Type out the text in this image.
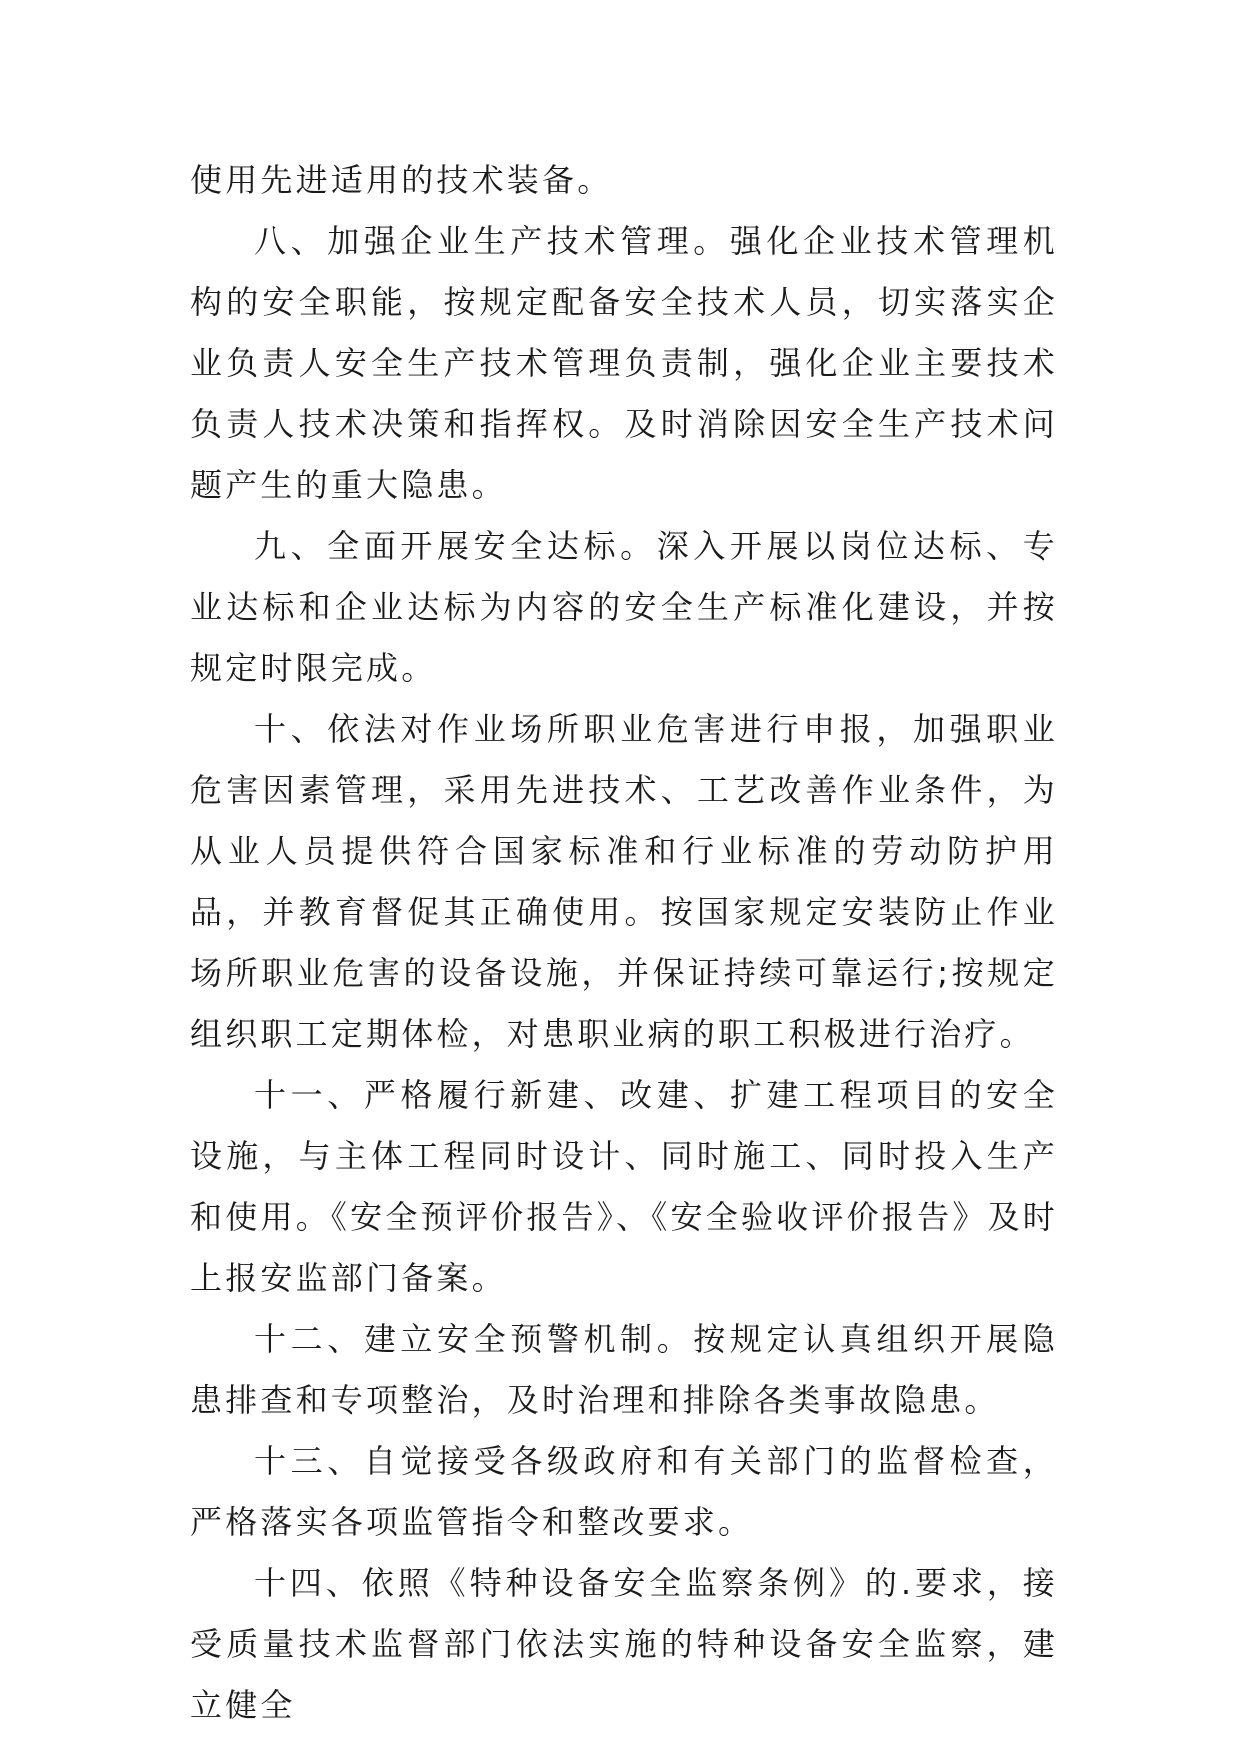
使用先进适用的技术装备。

八、加强企业生产技术管理。强化企业技术管理机构的安全职能，按规定配备安全技术人员，切实落实企业负责人安全生产技术管理负责制，强化企业主要技术负责人技术决策和指挥权。及时消除因安全生产技术问题产生的重大隐患。

九、全面开展安全达标。深入开展以岗位达标、专业达标和企业达标为内容的安全生产标准化建设，并按规定时限完成。

十、依法对作业场所职业危害进行申报，加强职业危害因素管理，采用先进技术、工艺改善作业条件，为从业人员提供符合国家标准和行业标准的劳动防护用品，并教育督促其正确使用。按国家规定安装防止作业场所职业危害的设备设施，并保证持续可靠运行;按规定组织职工定期体检，对患职业病的职工积极进行治疗。

十一、严格履行新建、改建、扩建工程项目的安全设施，与主体工程同时设计、同时施工、同时投入生产和使用。《安全预评价报告》、《安全验收评价报告》及时上报安监部门备案。

十二、建立安全预警机制。按规定认真组织开展隐患排查和专项整治，及时治理和排除各类事故隐患。

十三、自觉接受各级政府和有关部门的监督检查，严格落实各项监管指令和整改要求。

十四、依照《特种设备安全监察条例》的.要求，接受质量技术监督部门依法实施的特种设备安全监察，建立健全
